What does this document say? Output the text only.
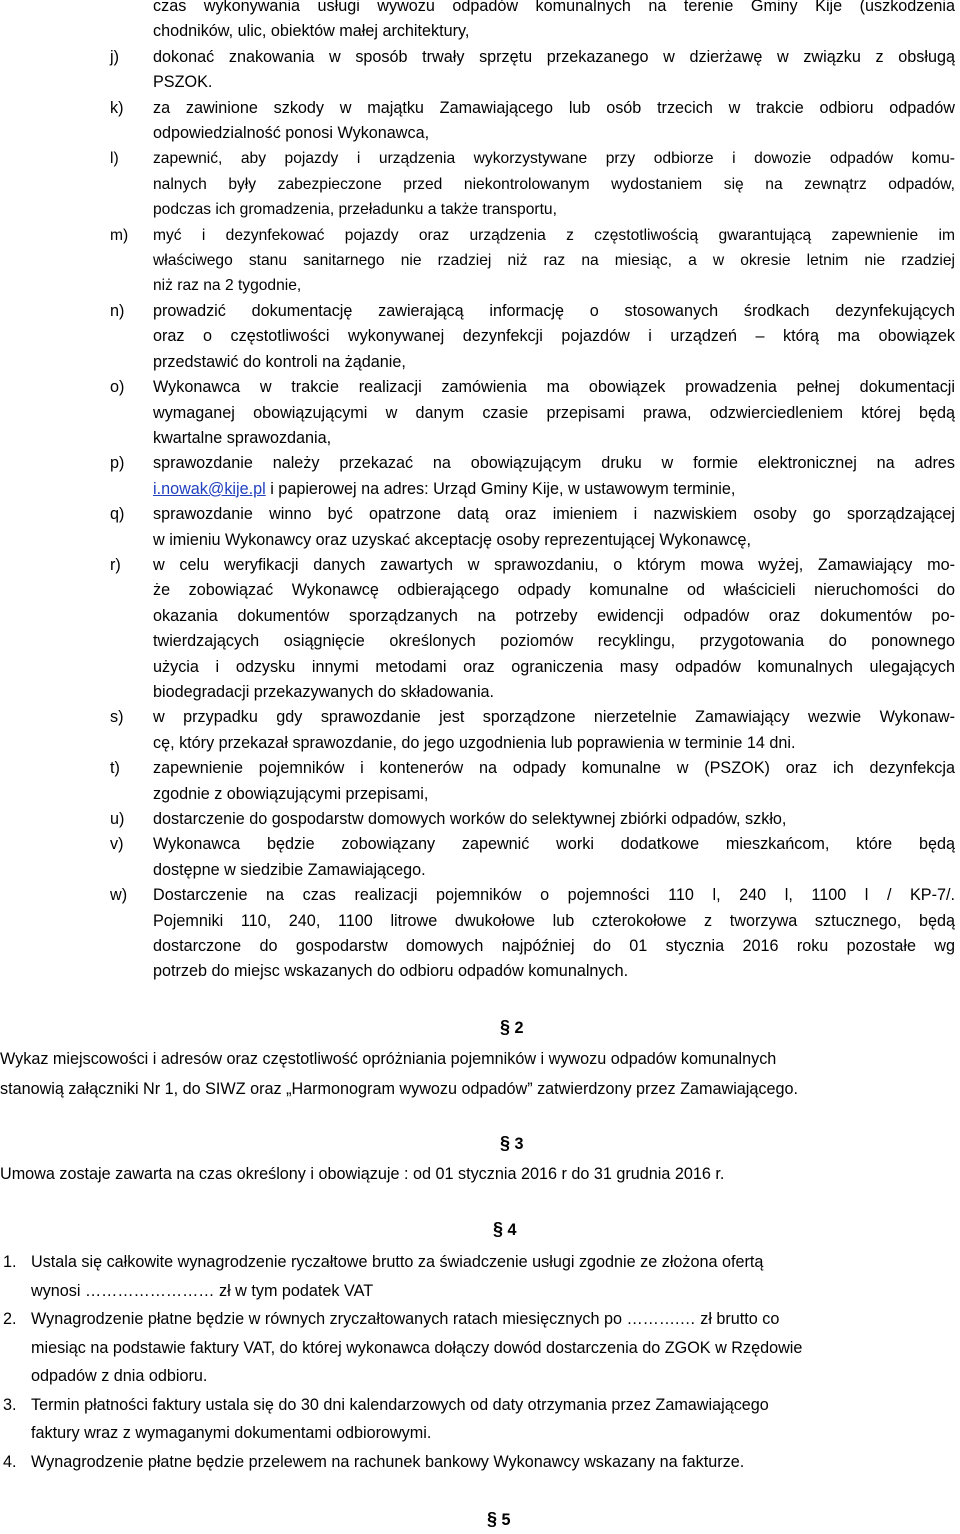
czas wykonywania usługi wywozu odpadów komunalnych na terenie Gminy Kije (uszkodzenia
chodników, ulic, obiektów małej architektury,
j) dokonać znakowania w sposób trwały sprzętu przekazanego w dzierżawę w związku z obsługą
PSZOK.
k) za zawinione szkody w majątku Zamawiającego lub osób trzecich w trakcie odbioru odpadów
odpowiedzialność ponosi Wykonawca,
l) zapewnić, aby pojazdy i urządzenia wykorzystywane przy odbiorze i dowozie odpadów komu-
nalnych były zabezpieczone przed niekontrolowanym wydostaniem się na zewnątrz odpadów,
podczas ich gromadzenia, przeładunku a także transportu,
m) myć i dezynfekować pojazdy oraz urządzenia z częstotliwością gwarantującą zapewnienie im
właściwego stanu sanitarnego nie rzadziej niż raz na miesiąc, a w okresie letnim nie rzadziej
niż raz na 2 tygodnie,
n) prowadzić dokumentację zawierającą informację o stosowanych środkach dezynfekujących
oraz o częstotliwości wykonywanej dezynfekcji pojazdów i urządzeń – którą ma obowiązek
przedstawić do kontroli na żądanie,
o) Wykonawca w trakcie realizacji zamówienia ma obowiązek prowadzenia pełnej dokumentacji
wymaganej obowiązującymi w danym czasie przepisami prawa, odzwierciedleniem której będą
kwartalne sprawozdania,
p) sprawozdanie należy przekazać na obowiązującym druku w formie elektronicznej na adres
i.nowak@kije.pl i papierowej na adres: Urząd Gminy Kije, w ustawowym terminie,
q) sprawozdanie winno być opatrzone datą oraz imieniem i nazwiskiem osoby go sporządzającej
w imieniu Wykonawcy oraz uzyskać akceptację osoby reprezentującej Wykonawcę,
r) w celu weryfikacji danych zawartych w sprawozdaniu, o którym mowa wyżej, Zamawiający mo-
że zobowiązać Wykonawcę odbierającego odpady komunalne od właścicieli nieruchomości do
okazania dokumentów sporządzanych na potrzeby ewidencji odpadów oraz dokumentów po-
twierdzających osiągnięcie określonych poziomów recyklingu, przygotowania do ponownego
użycia i odzysku innymi metodami oraz ograniczenia masy odpadów komunalnych ulegających
biodegradacji przekazywanych do składowania.
s) w przypadku gdy sprawozdanie jest sporządzone nierzetelnie Zamawiający wezwie Wykonaw-
cę, który przekazał sprawozdanie, do jego uzgodnienia lub poprawienia w terminie 14 dni.
t) zapewnienie pojemników i kontenerów na odpady komunalne w (PSZOK) oraz ich dezynfekcja
zgodnie z obowiązującymi przepisami,
u) dostarczenie do gospodarstw domowych worków do selektywnej zbiórki odpadów, szkło,
v) Wykonawca będzie zobowiązany zapewnić worki dodatkowe mieszkańcom, które będą
dostępne w siedzibie Zamawiającego.
w) Dostarczenie na czas realizacji pojemników o pojemności 110 l, 240 l, 1100 l / KP-7/.
Pojemniki 110, 240, 1100 litrowe dwukołowe lub czterokołowe z tworzywa sztucznego, będą
dostarczone do gospodarstw domowych najpóźniej do 01 stycznia 2016 roku pozostałe wg
potrzeb do miejsc wskazanych do odbioru odpadów komunalnych.
§ 2
Wykaz miejscowości i adresów oraz częstotliwość opróżniania pojemników i wywozu odpadów komunalnych
stanowią załączniki Nr 1, do SIWZ oraz „Harmonogram wywozu odpadów” zatwierdzony przez Zamawiającego.
§ 3
Umowa zostaje zawarta na czas określony i obowiązuje : od 01 stycznia 2016 r do 31 grudnia 2016 r.
§ 4
1. Ustala się całkowite wynagrodzenie ryczałtowe brutto za świadczenie usługi zgodnie ze złożona ofertą
wynosi …………………… zł w tym podatek VAT
2. Wynagrodzenie płatne będzie w równych zryczałtowanych ratach miesięcznych po ……….… zł brutto co
miesiąc na podstawie faktury VAT, do której wykonawca dołączy dowód dostarczenia do ZGOK w Rzędowie
odpadów z dnia odbioru.
3. Termin płatności faktury ustala się do 30 dni kalendarzowych od daty otrzymania przez Zamawiającego
faktury wraz z wymaganymi dokumentami odbiorowymi.
4. Wynagrodzenie płatne będzie przelewem na rachunek bankowy Wykonawcy wskazany na fakturze.
§ 5
